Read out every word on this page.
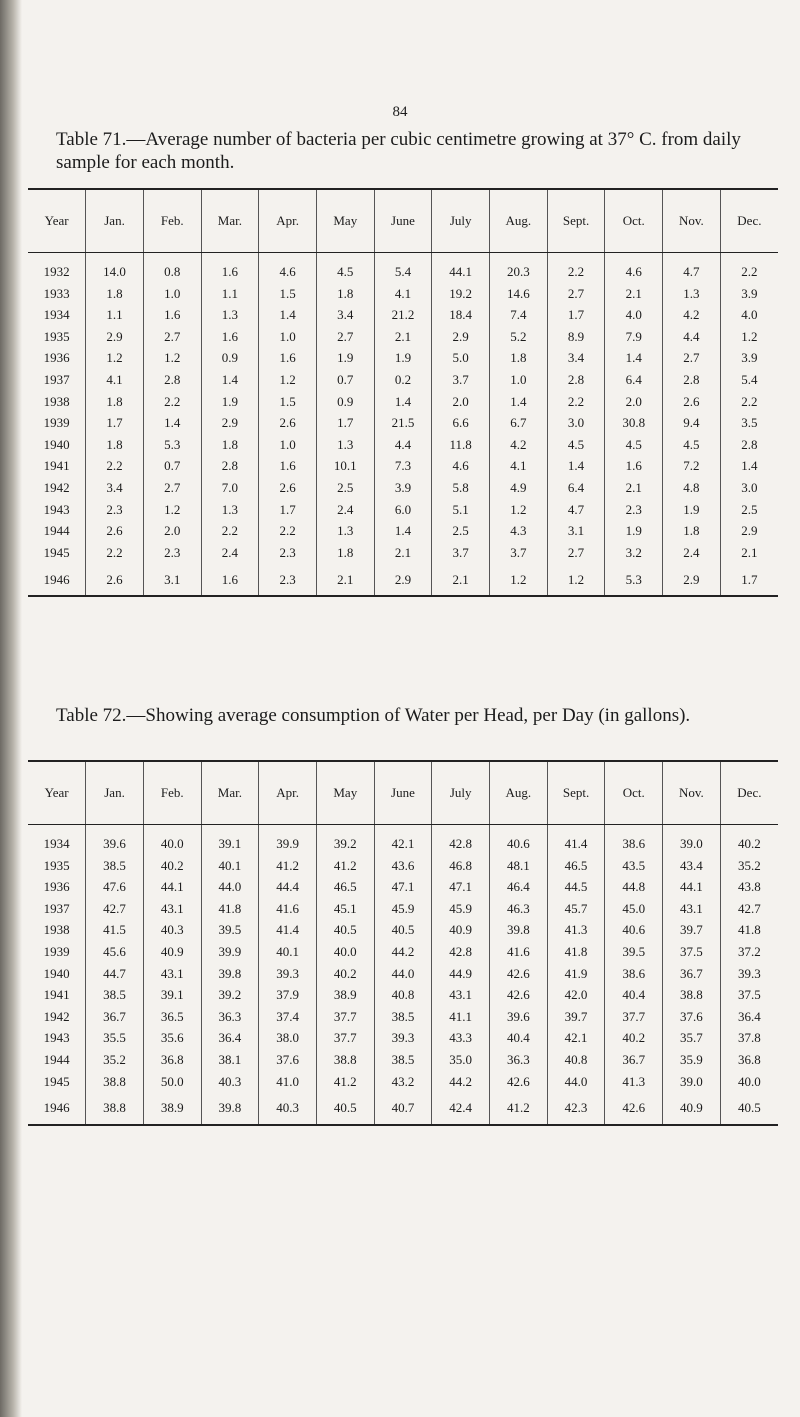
84
Table 71.—Average number of bacteria per cubic centimetre growing at 37° C. from daily sample for each month.
Year	Jan.	Feb.	Mar.	Apr.	May	June	July	Aug.	Sept.	Oct.	Nov.	Dec.
1932	14.0	0.8	1.6	4.6	4.5	5.4	44.1	20.3	2.2	4.6	4.7	2.2
1933	1.8	1.0	1.1	1.5	1.8	4.1	19.2	14.6	2.7	2.1	1.3	3.9
1934	1.1	1.6	1.3	1.4	3.4	21.2	18.4	7.4	1.7	4.0	4.2	4.0
1935	2.9	2.7	1.6	1.0	2.7	2.1	2.9	5.2	8.9	7.9	4.4	1.2
1936	1.2	1.2	0.9	1.6	1.9	1.9	5.0	1.8	3.4	1.4	2.7	3.9
1937	4.1	2.8	1.4	1.2	0.7	0.2	3.7	1.0	2.8	6.4	2.8	5.4
1938	1.8	2.2	1.9	1.5	0.9	1.4	2.0	1.4	2.2	2.0	2.6	2.2
1939	1.7	1.4	2.9	2.6	1.7	21.5	6.6	6.7	3.0	30.8	9.4	3.5
1940	1.8	5.3	1.8	1.0	1.3	4.4	11.8	4.2	4.5	4.5	4.5	2.8
1941	2.2	0.7	2.8	1.6	10.1	7.3	4.6	4.1	1.4	1.6	7.2	1.4
1942	3.4	2.7	7.0	2.6	2.5	3.9	5.8	4.9	6.4	2.1	4.8	3.0
1943	2.3	1.2	1.3	1.7	2.4	6.0	5.1	1.2	4.7	2.3	1.9	2.5
1944	2.6	2.0	2.2	2.2	1.3	1.4	2.5	4.3	3.1	1.9	1.8	2.9
1945	2.2	2.3	2.4	2.3	1.8	2.1	3.7	3.7	2.7	3.2	2.4	2.1
1946	2.6	3.1	1.6	2.3	2.1	2.9	2.1	1.2	1.2	5.3	2.9	1.7
Table 72.—Showing average consumption of Water per Head, per Day (in gallons).
Year	Jan.	Feb.	Mar.	Apr.	May	June	July	Aug.	Sept.	Oct.	Nov.	Dec.
1934	39.6	40.0	39.1	39.9	39.2	42.1	42.8	40.6	41.4	38.6	39.0	40.2
1935	38.5	40.2	40.1	41.2	41.2	43.6	46.8	48.1	46.5	43.5	43.4	35.2
1936	47.6	44.1	44.0	44.4	46.5	47.1	47.1	46.4	44.5	44.8	44.1	43.8
1937	42.7	43.1	41.8	41.6	45.1	45.9	45.9	46.3	45.7	45.0	43.1	42.7
1938	41.5	40.3	39.5	41.4	40.5	40.5	40.9	39.8	41.3	40.6	39.7	41.8
1939	45.6	40.9	39.9	40.1	40.0	44.2	42.8	41.6	41.8	39.5	37.5	37.2
1940	44.7	43.1	39.8	39.3	40.2	44.0	44.9	42.6	41.9	38.6	36.7	39.3
1941	38.5	39.1	39.2	37.9	38.9	40.8	43.1	42.6	42.0	40.4	38.8	37.5
1942	36.7	36.5	36.3	37.4	37.7	38.5	41.1	39.6	39.7	37.7	37.6	36.4
1943	35.5	35.6	36.4	38.0	37.7	39.3	43.3	40.4	42.1	40.2	35.7	37.8
1944	35.2	36.8	38.1	37.6	38.8	38.5	35.0	36.3	40.8	36.7	35.9	36.8
1945	38.8	50.0	40.3	41.0	41.2	43.2	44.2	42.6	44.0	41.3	39.0	40.0
1946	38.8	38.9	39.8	40.3	40.5	40.7	42.4	41.2	42.3	42.6	40.9	40.5
